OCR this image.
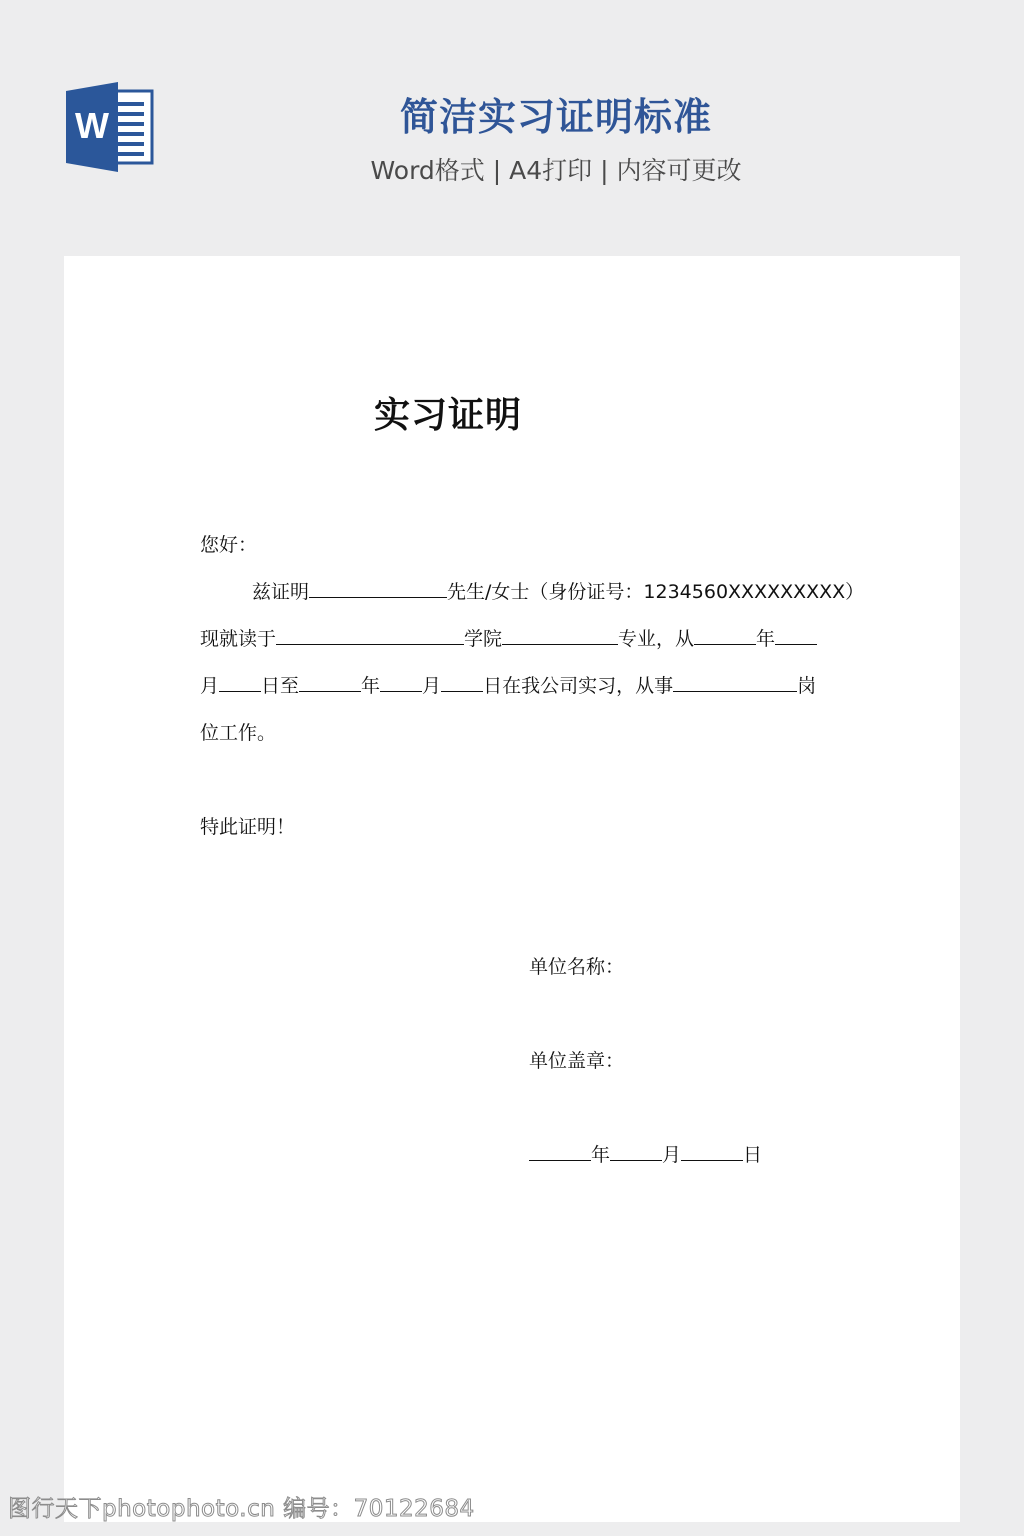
W	简洁实习证明标准
Word格式 | A4打印 | 内容可更改
实习证明
您好：
兹证明	先生/女士（身份证号：1234560XXXXXXXXX）
现就读于	学院	专业，从	年
月 日至	年 月 日在我公司实习，从事	岗
位工作。
特此证明！
单位名称：
单位盖章：
年	月	日
图行天下photophoto.cn 编号：70122684
